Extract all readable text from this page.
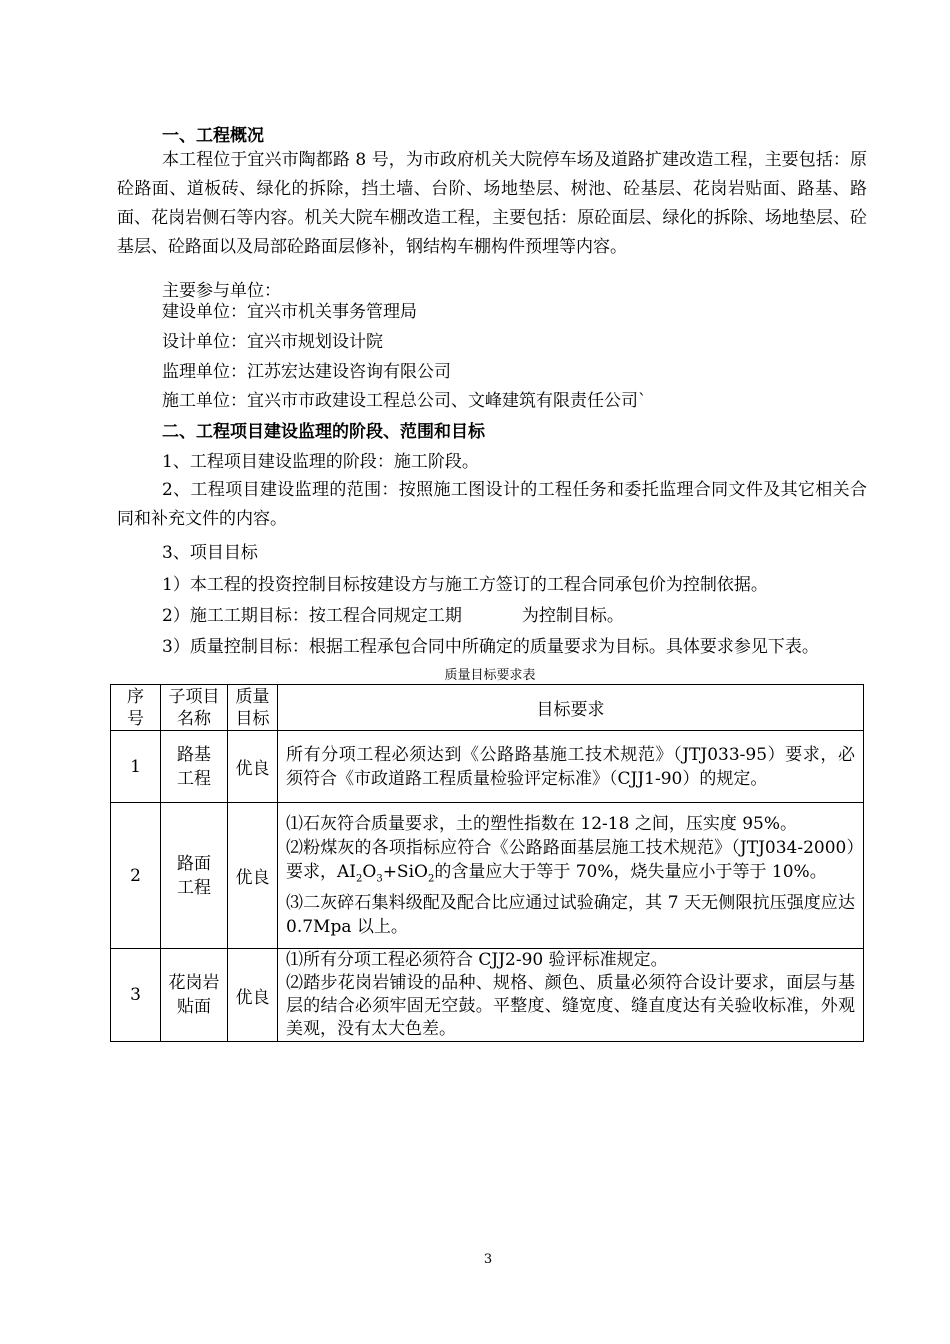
一、工程概况
本工程位于宜兴市陶都路 8 号，为市政府机关大院停车场及道路扩建改造工程，主要包括：原砼路面、道板砖、绿化的拆除，挡土墙、台阶、场地垫层、树池、砼基层、花岗岩贴面、路基、路面、花岗岩侧石等内容。机关大院车棚改造工程，主要包括：原砼面层、绿化的拆除、场地垫层、砼基层、砼路面以及局部砼路面层修补，钢结构车棚构件预埋等内容。
主要参与单位：
建设单位：宜兴市机关事务管理局
设计单位：宜兴市规划设计院
监理单位：江苏宏达建设咨询有限公司
施工单位：宜兴市市政建设工程总公司、文峰建筑有限责任公司`
二、工程项目建设监理的阶段、范围和目标
1、工程项目建设监理的阶段：施工阶段。
2、工程项目建设监理的范围：按照施工图设计的工程任务和委托监理合同文件及其它相关合同和补充文件的内容。
3、项目目标
1）本工程的投资控制目标按建设方与施工方签订的工程合同承包价为控制依据。
2）施工工期目标：按工程合同规定工期	为控制目标。
3）质量控制目标：根据工程承包合同中所确定的质量要求为目标。具体要求参见下表。
质量目标要求表
序号	子项目名称	质量目标	目标要求
1	路基工程	优良	所有分项工程必须达到《公路路基施工技术规范》（JTJ033-95）要求，必须符合《市政道路工程质量检验评定标准》（CJJ1-90）的规定。
2	路面工程	优良	⑴石灰符合质量要求，土的塑性指数在 12-18 之间，压实度 95%。
⑵粉煤灰的各项指标应符合《公路路面基层施工技术规范》（JTJ034-2000）要求，$AI_2O_3+SiO_2$的含量应大于等于 70%，烧失量应小于等于 10%。
⑶二灰碎石集料级配及配合比应通过试验确定，其 7 天无侧限抗压强度应达 0.7Mpa 以上。

3	花岗岩贴面	优良	⑴所有分项工程必须符合 CJJ2-90 验评标准规定。
⑵踏步花岗岩铺设的品种、规格、颜色、质量必须符合设计要求，面层与基层的结合必须牢固无空鼓。平整度、缝宽度、缝直度达有关验收标准，外观美观，没有太大色差。
3
